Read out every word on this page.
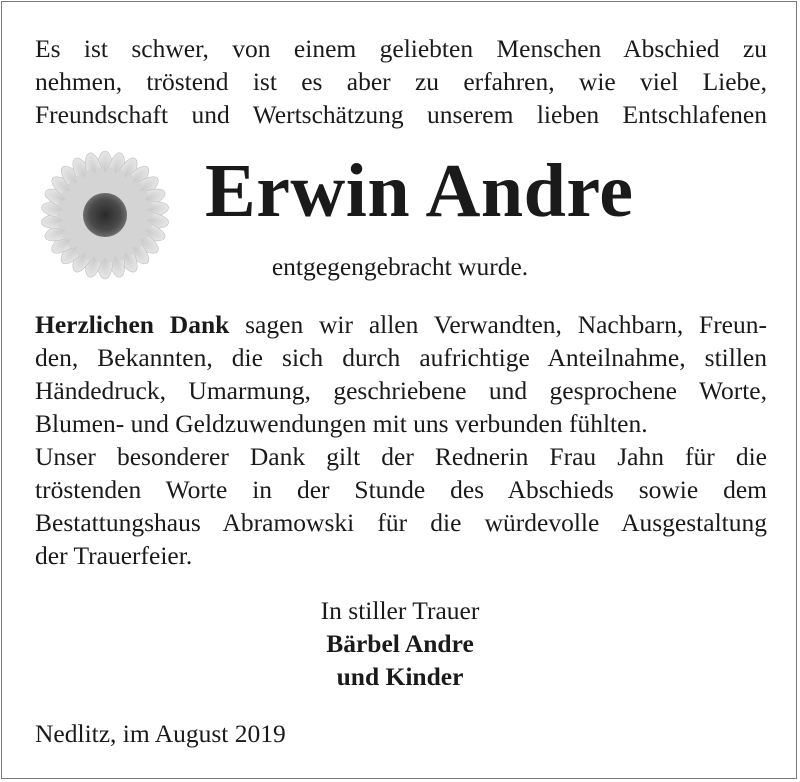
Es ist schwer, von einem geliebten Menschen Abschied zu
nehmen, tröstend ist es aber zu erfahren, wie viel Liebe,
Freundschaft und Wertschätzung unserem lieben Entschlafenen
Erwin Andre
entgegengebracht wurde.
Herzlichen Dank sagen wir allen Verwandten, Nachbarn, Freun-
den, Bekannten, die sich durch aufrichtige Anteilnahme, stillen
Händedruck, Umarmung, geschriebene und gesprochene Worte,
Blumen- und Geldzuwendungen mit uns verbunden fühlten.
Unser besonderer Dank gilt der Rednerin Frau Jahn für die
tröstenden Worte in der Stunde des Abschieds sowie dem
Bestattungshaus Abramowski für die würdevolle Ausgestaltung
der Trauerfeier.
In stiller Trauer
Bärbel Andre
und Kinder
Nedlitz, im August 2019
